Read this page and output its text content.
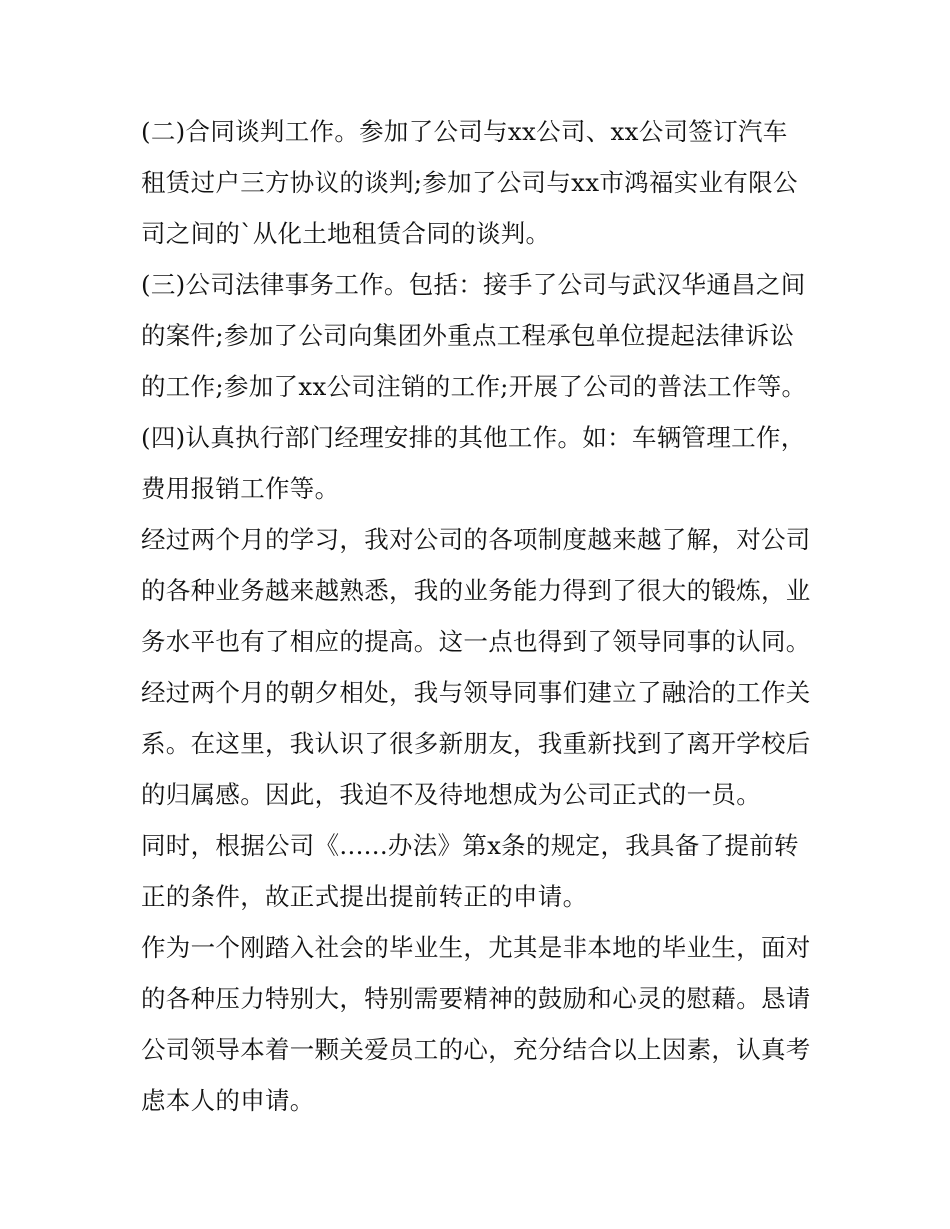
(二)合同谈判工作。参加了公司与xx公司、xx公司签订汽车
租赁过户三方协议的谈判;参加了公司与xx市鸿福实业有限公
司之间的`从化土地租赁合同的谈判。
(三)公司法律事务工作。包括：接手了公司与武汉华通昌之间
的案件;参加了公司向集团外重点工程承包单位提起法律诉讼
的工作;参加了xx公司注销的工作;开展了公司的普法工作等。
(四)认真执行部门经理安排的其他工作。如：车辆管理工作，
费用报销工作等。
经过两个月的学习，我对公司的各项制度越来越了解，对公司
的各种业务越来越熟悉，我的业务能力得到了很大的锻炼，业
务水平也有了相应的提高。这一点也得到了领导同事的认同。
经过两个月的朝夕相处，我与领导同事们建立了融洽的工作关
系。在这里，我认识了很多新朋友，我重新找到了离开学校后
的归属感。因此，我迫不及待地想成为公司正式的一员。
同时，根据公司《......办法》第x条的规定，我具备了提前转
正的条件，故正式提出提前转正的申请。
作为一个刚踏入社会的毕业生，尤其是非本地的毕业生，面对
的各种压力特别大，特别需要精神的鼓励和心灵的慰藉。恳请
公司领导本着一颗关爱员工的心，充分结合以上因素，认真考
虑本人的申请。
